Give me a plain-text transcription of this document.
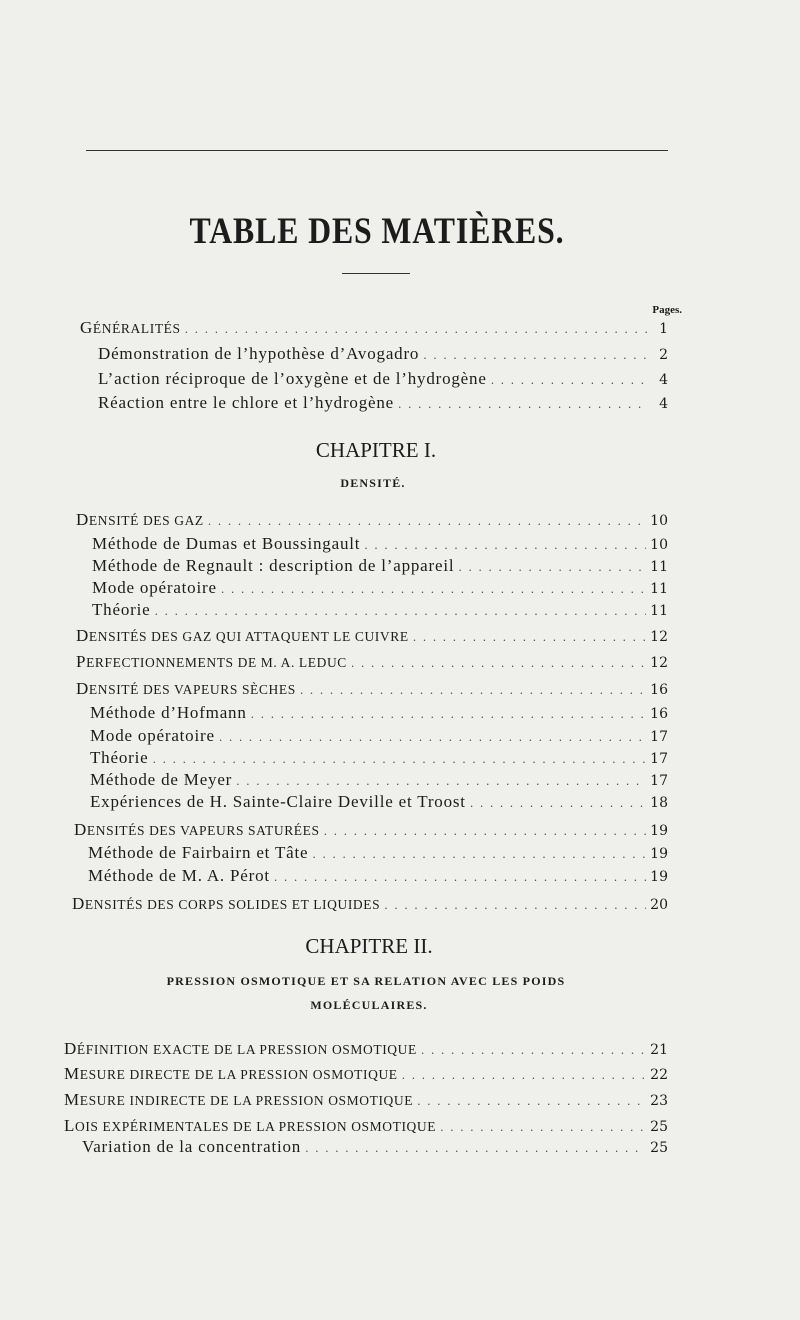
TABLE DES MATIÈRES.
Pages.
GÉNÉRALITÉS . . .	1
Démonstration de l’hypothèse d’Avogadro . . .	2
L’action réciproque de l’oxygène et de l’hydrogène . . .	4
Réaction entre le chlore et l’hydrogène . . .	4
CHAPITRE I.
DENSITÉ.
DENSITÉ DES GAZ . . .	10
Méthode de Dumas et Boussingault . . .	10
Méthode de Regnault : description de l’appareil . . .	11
Mode opératoire . . .	11
Théorie . . .	11
DENSITÉS DES GAZ QUI ATTAQUENT LE CUIVRE . . .	12
PERFECTIONNEMENTS DE M. A. LEDUC . . .	12
DENSITÉ DES VAPEURS SÈCHES . . .	16
Méthode d’Hofmann . . .	16
Mode opératoire . . .	17
Théorie . . .	17
Méthode de Meyer . . .	17
Expériences de H. Sainte-Claire Deville et Troost . . .	18
DENSITÉS DES VAPEURS SATURÉES . . .	19
Méthode de Fairbairn et Tâte . . .	19
Méthode de M. A. Pérot . . .	19
DENSITÉS DES CORPS SOLIDES ET LIQUIDES . . .	20
CHAPITRE II.
PRESSION OSMOTIQUE ET SA RELATION AVEC LES POIDS
MOLÉCULAIRES.
DÉFINITION EXACTE DE LA PRESSION OSMOTIQUE . . .	21
MESURE DIRECTE DE LA PRESSION OSMOTIQUE . . .	22
MESURE INDIRECTE DE LA PRESSION OSMOTIQUE . . .	23
LOIS EXPÉRIMENTALES DE LA PRESSION OSMOTIQUE . . .	25
Variation de la concentration . . .	25
